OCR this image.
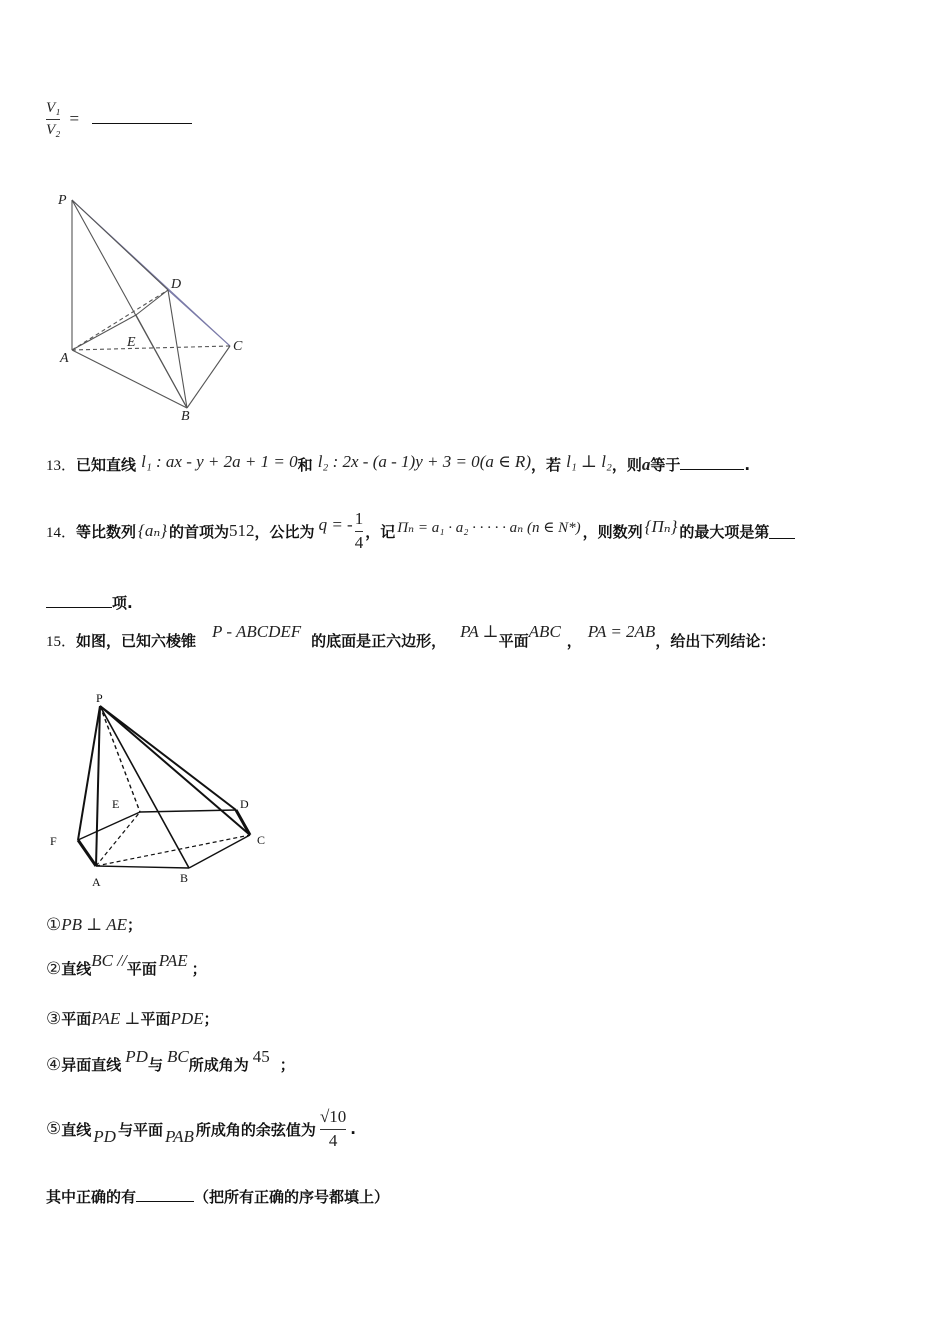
$\frac{\text{V₁}}{\text{V₂}}$ =
P
D
E	C
A
B
13．已知直线 l₁ : ax - y + 2a + 1 = 0和 l₂ : 2x - (a - 1)y + 3 = 0(a ∈ R)，若 l₁ ⊥ l₂，则a等于	.
14． 等比数列 {aₙ} 的首项为 512 ，公比为 q = - $\frac{1}{4}$ ，记 Πₙ = a₁ · a₂ · · · · · aₙ (n ∈ N*) ，则数列 {Πₙ} 的最大项是第
项.
15． 如图，已知六棱锥 P - ABCDEF 的底面是正六边形， PA ⊥ 平面 ABC ， PA = 2AB ，给出下列结论：
P
E	D
F	C
A	B
①PB ⊥ AE；
②直线BC //平面 PAE ；
③平面PAE ⊥平面PDE；
④异面直线 PD与 BC所成角为 45 ；
⑤ 直线 PD 与平面 PAB 所成角的余弦值为 $\frac{√10}{4}$ .
其中正确的有	（把所有正确的序号都填上）
